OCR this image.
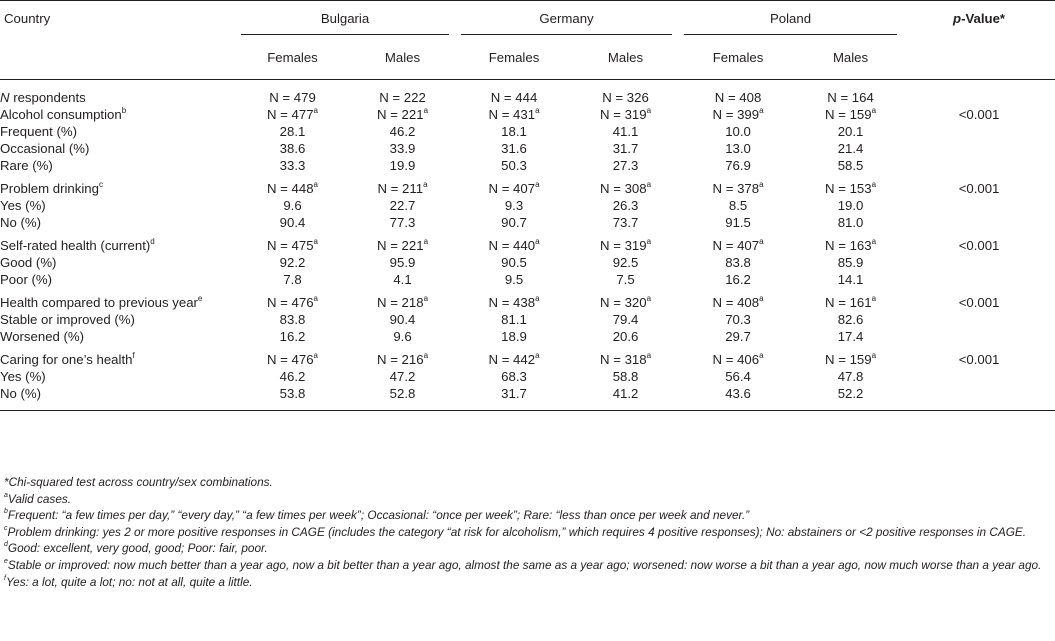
Country	Bulgaria		Germany		Poland		p-Value*
	Females	Males	Females	Males	Females	Males	
N respondents	N = 479	N = 222	N = 444	N = 326	N = 408	N = 164	
Alcohol consumption$^b$	$N = 477^a$	$N = 221^a$	$N = 431^a$	$N = 319^a$	$N = 399^a$	$N = 159^a$	<0.001
Frequent (%)	28.1	46.2	18.1	41.1	10.0	20.1	
Occasional (%)	38.6	33.9	31.6	31.7	13.0	21.4	
Rare (%)	33.3	19.9	50.3	27.3	76.9	58.5	
Problem drinking$^c$	$N = 448^a$	$N = 211^a$	$N = 407^a$	$N = 308^a$	$N = 378^a$	$N = 153^a$	<0.001
Yes (%)	9.6	22.7	9.3	26.3	8.5	19.0	
No (%)	90.4	77.3	90.7	73.7	91.5	81.0	
Self-rated health (current)$^d$	$N = 475^a$	$N = 221^a$	$N = 440^a$	$N = 319^a$	$N = 407^a$	$N = 163^a$	<0.001
Good (%)	92.2	95.9	90.5	92.5	83.8	85.9	
Poor (%)	7.8	4.1	9.5	7.5	16.2	14.1	
Health compared to previous year$^e$	$N = 476^a$	$N = 218^a$	$N = 438^a$	$N = 320^a$	$N = 408^a$	$N = 161^a$	<0.001
Stable or improved (%)	83.8	90.4	81.1	79.4	70.3	82.6	
Worsened (%)	16.2	9.6	18.9	20.6	29.7	17.4	
Caring for one’s health$^f$	$N = 476^a$	$N = 216^a$	$N = 442^a$	$N = 318^a$	$N = 406^a$	$N = 159^a$	<0.001
Yes (%)	46.2	47.2	68.3	58.8	56.4	47.8	
No (%)	53.8	52.8	31.7	41.2	43.6	52.2	

*Chi-squared test across country/sex combinations.

$^a$Valid cases.

$^b$Frequent: “a few times per day,” “every day,” “a few times per week”; Occasional: “once per week”; Rare: “less than once per week and never.”

$^c$Problem drinking: yes 2 or more positive responses in CAGE (includes the category “at risk for alcoholism,” which requires 4 positive responses); No: abstainers or <2 positive responses in CAGE.

$^d$Good: excellent, very good, good; Poor: fair, poor.

$^e$Stable or improved: now much better than a year ago, now a bit better than a year ago, almost the same as a year ago; worsened: now worse a bit than a year ago, now much worse than a year ago.

$^f$Yes: a lot, quite a lot; no: not at all, quite a little.
